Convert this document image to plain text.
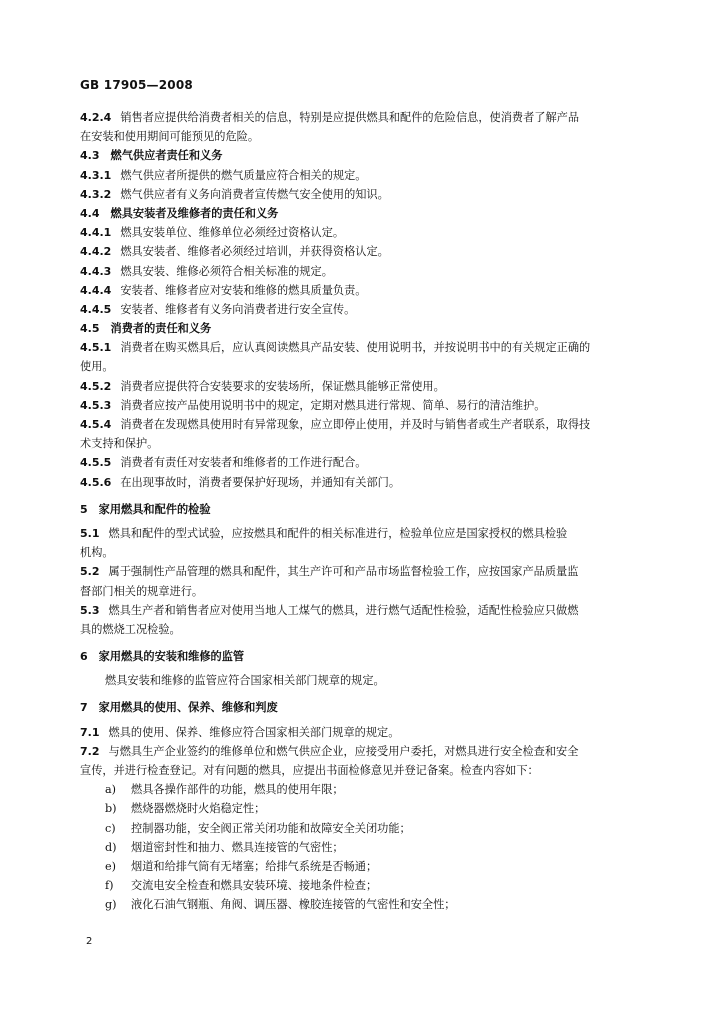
GB 17905—2008
4.2.4 销售者应提供给消费者相关的信息，特别是应提供燃具和配件的危险信息，使消费者了解产品
在安装和使用期间可能预见的危险。
4.3 燃气供应者责任和义务
4.3.1 燃气供应者所提供的燃气质量应符合相关的规定。
4.3.2 燃气供应者有义务向消费者宣传燃气安全使用的知识。
4.4 燃具安装者及维修者的责任和义务
4.4.1 燃具安装单位、维修单位必须经过资格认定。
4.4.2 燃具安装者、维修者必须经过培训，并获得资格认定。
4.4.3 燃具安装、维修必须符合相关标准的规定。
4.4.4 安装者、维修者应对安装和维修的燃具质量负责。
4.4.5 安装者、维修者有义务向消费者进行安全宣传。
4.5 消费者的责任和义务
4.5.1 消费者在购买燃具后，应认真阅读燃具产品安装、使用说明书，并按说明书中的有关规定正确的
使用。
4.5.2 消费者应提供符合安装要求的安装场所，保证燃具能够正常使用。
4.5.3 消费者应按产品使用说明书中的规定，定期对燃具进行常规、简单、易行的清洁维护。
4.5.4 消费者在发现燃具使用时有异常现象，应立即停止使用，并及时与销售者或生产者联系，取得技
术支持和保护。
4.5.5 消费者有责任对安装者和维修者的工作进行配合。
4.5.6 在出现事故时，消费者要保护好现场，并通知有关部门。
5 家用燃具和配件的检验
5.1 燃具和配件的型式试验，应按燃具和配件的相关标准进行，检验单位应是国家授权的燃具检验
机构。
5.2 属于强制性产品管理的燃具和配件，其生产许可和产品市场监督检验工作，应按国家产品质量监
督部门相关的规章进行。
5.3 燃具生产者和销售者应对使用当地人工煤气的燃具，进行燃气适配性检验，适配性检验应只做燃
具的燃烧工况检验。
6 家用燃具的安装和维修的监管
燃具安装和维修的监管应符合国家相关部门规章的规定。
7 家用燃具的使用、保养、维修和判废
7.1 燃具的使用、保养、维修应符合国家相关部门规章的规定。
7.2 与燃具生产企业签约的维修单位和燃气供应企业，应接受用户委托，对燃具进行安全检查和安全
宣传，并进行检查登记。对有问题的燃具，应提出书面检修意见并登记备案。检查内容如下：
a) 燃具各操作部件的功能，燃具的使用年限；
b) 燃烧器燃烧时火焰稳定性；
c) 控制器功能，安全阀正常关闭功能和故障安全关闭功能；
d) 烟道密封性和抽力、燃具连接管的气密性；
e) 烟道和给排气筒有无堵塞；给排气系统是否畅通；
f) 交流电安全检查和燃具安装环境、接地条件检查；
g) 液化石油气钢瓶、角阀、调压器、橡胶连接管的气密性和安全性；
2
